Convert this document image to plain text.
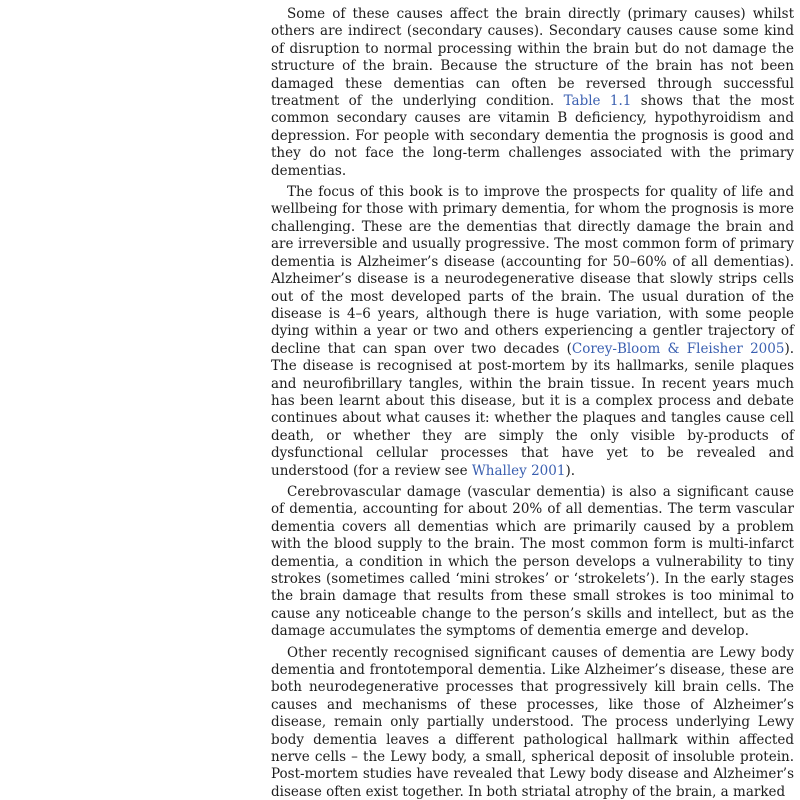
Some of these causes affect the brain directly (primary causes) whilst others are indirect (secondary causes). Secondary causes cause some kind of disruption to normal processing within the brain but do not damage the structure of the brain. Because the structure of the brain has not been damaged these dementias can often be reversed through successful treatment of the underlying condition. Table 1.1 shows that the most common secondary causes are vitamin B deficiency, hypothyroidism and depression. For people with secondary dementia the prognosis is good and they do not face the long-term challenges associated with the primary dementias.

The focus of this book is to improve the prospects for quality of life and wellbeing for those with primary dementia, for whom the prognosis is more challenging. These are the dementias that directly damage the brain and are irreversible and usually progressive. The most common form of primary dementia is Alzheimer’s disease (accounting for 50–60% of all dementias). Alzheimer’s disease is a neurodegenerative disease that slowly strips cells out of the most developed parts of the brain. The usual duration of the disease is 4–6 years, although there is huge variation, with some people dying within a year or two and others experiencing a gentler trajectory of decline that can span over two decades (Corey-Bloom & Fleisher 2005). The disease is recognised at post-mortem by its hallmarks, senile plaques and neurofibrillary tangles, within the brain tissue. In recent years much has been learnt about this disease, but it is a complex process and debate continues about what causes it: whether the plaques and tangles cause cell death, or whether they are simply the only visible by-products of dysfunctional cellular processes that have yet to be revealed and understood (for a review see Whalley 2001).

Cerebrovascular damage (vascular dementia) is also a significant cause of dementia, accounting for about 20% of all dementias. The term vascular dementia covers all dementias which are primarily caused by a problem with the blood supply to the brain. The most common form is multi-infarct dementia, a condition in which the person develops a vulnerability to tiny strokes (sometimes called ‘mini strokes’ or ‘strokelets’). In the early stages the brain damage that results from these small strokes is too minimal to cause any noticeable change to the person’s skills and intellect, but as the damage accumulates the symptoms of dementia emerge and develop.

Other recently recognised significant causes of dementia are Lewy body dementia and frontotemporal dementia. Like Alzheimer’s disease, these are both neurodegenerative processes that progressively kill brain cells. The causes and mechanisms of these processes, like those of Alzheimer’s disease, remain only partially understood. The process underlying Lewy body dementia leaves a different pathological hallmark within affected nerve cells – the Lewy body, a small, spherical deposit of insoluble protein. Post-mortem studies have revealed that Lewy body disease and Alzheimer’s disease often exist together. In both striatal atrophy of the brain, a marked
